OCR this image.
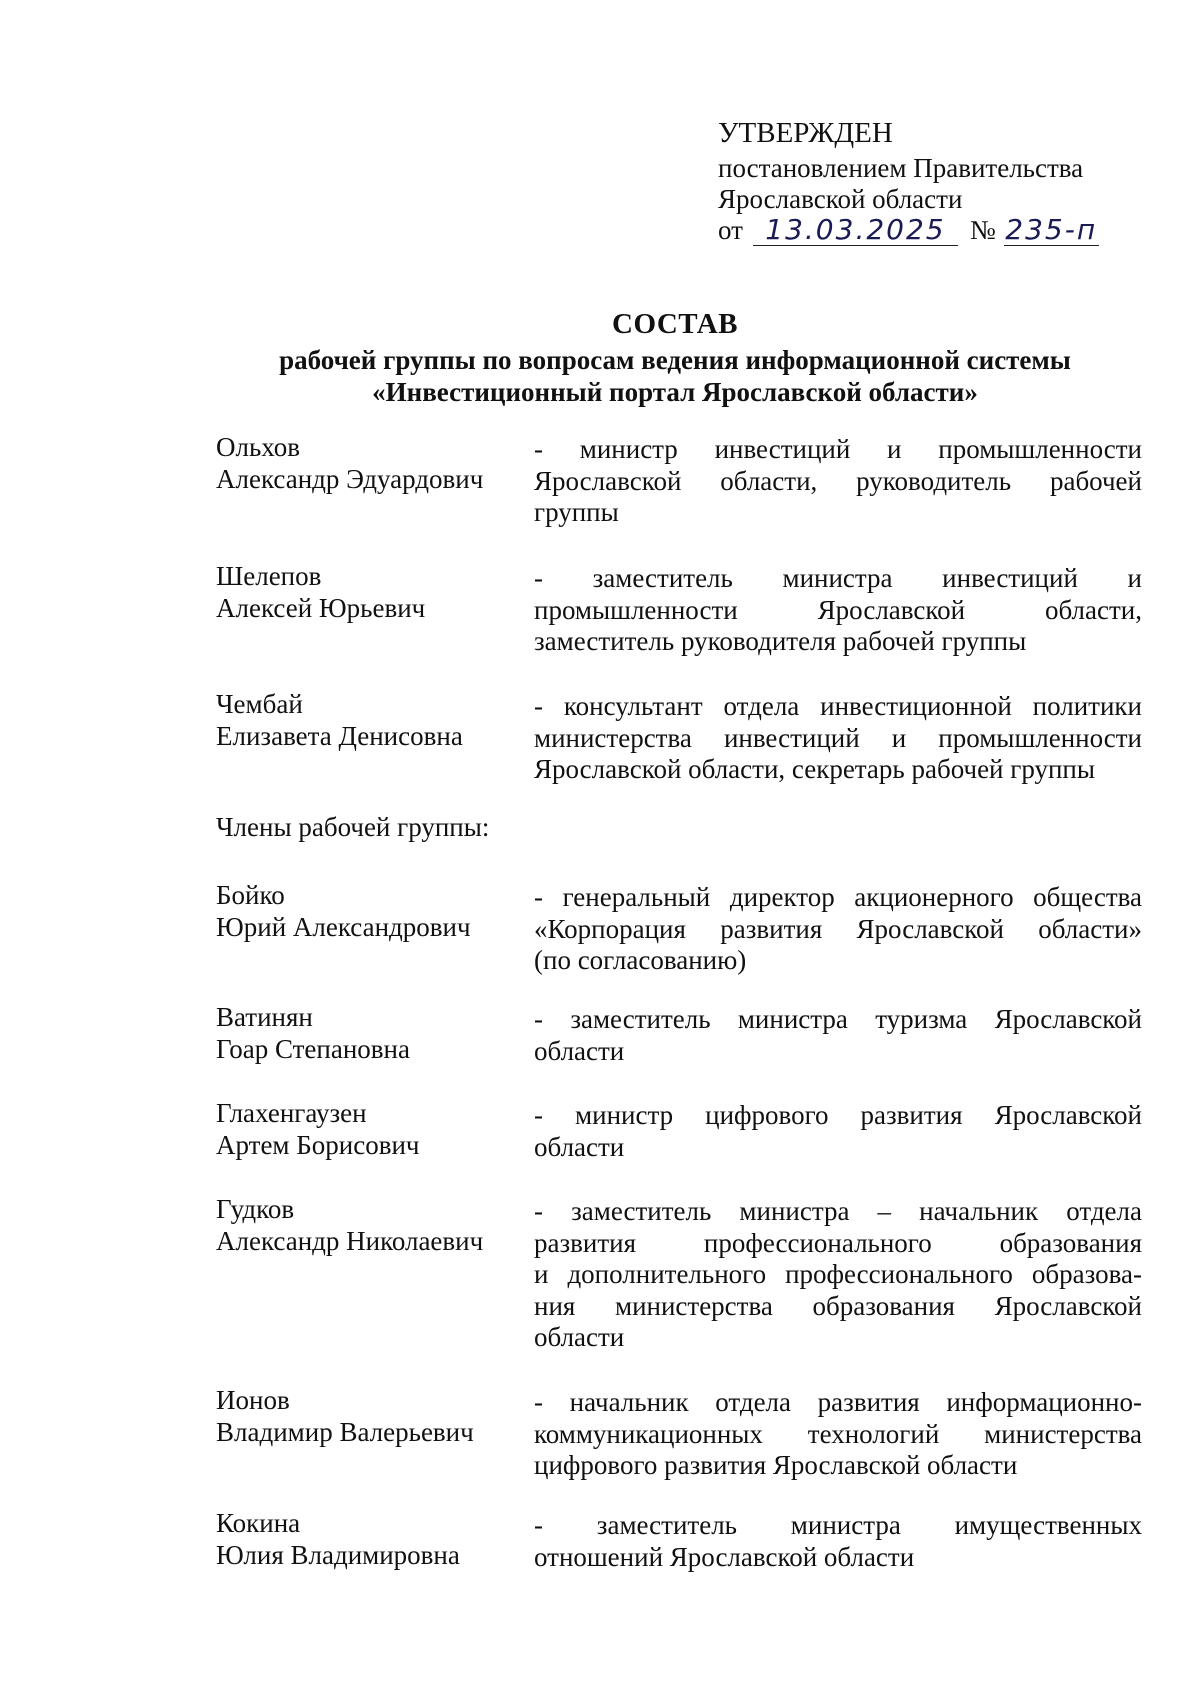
УТВЕРЖДЕН
постановлением Правительства
Ярославской области
от 13.03.2025 № 235-п
СОСТАВ
рабочей группы по вопросам ведения информационной системы
«Инвестиционный портал Ярославской области»
Ольхов
Александр Эдуардович
- министр инвестиций и промышленности
Ярославской области, руководитель рабочей
группы
Шелепов
Алексей Юрьевич
- заместитель министра инвестиций и
промышленности Ярославской области,
заместитель руководителя рабочей группы
Чембай
Елизавета Денисовна
- консультант отдела инвестиционной политики
министерства инвестиций и промышленности
Ярославской области, секретарь рабочей группы
Члены рабочей группы:
Бойко
Юрий Александрович
- генеральный директор акционерного общества
«Корпорация развития Ярославской области»
(по согласованию)
Ватинян
Гоар Степановна
- заместитель министра туризма Ярославской
области
Глахенгаузен
Артем Борисович
- министр цифрового развития Ярославской
области
Гудков
Александр Николаевич
- заместитель министра – начальник отдела
развития профессионального образования
и дополнительного профессионального образова-
ния министерства образования Ярославской
области
Ионов
Владимир Валерьевич
- начальник отдела развития информационно-
коммуникационных технологий министерства
цифрового развития Ярославской области
Кокина
Юлия Владимировна
- заместитель министра имущественных
отношений Ярославской области
